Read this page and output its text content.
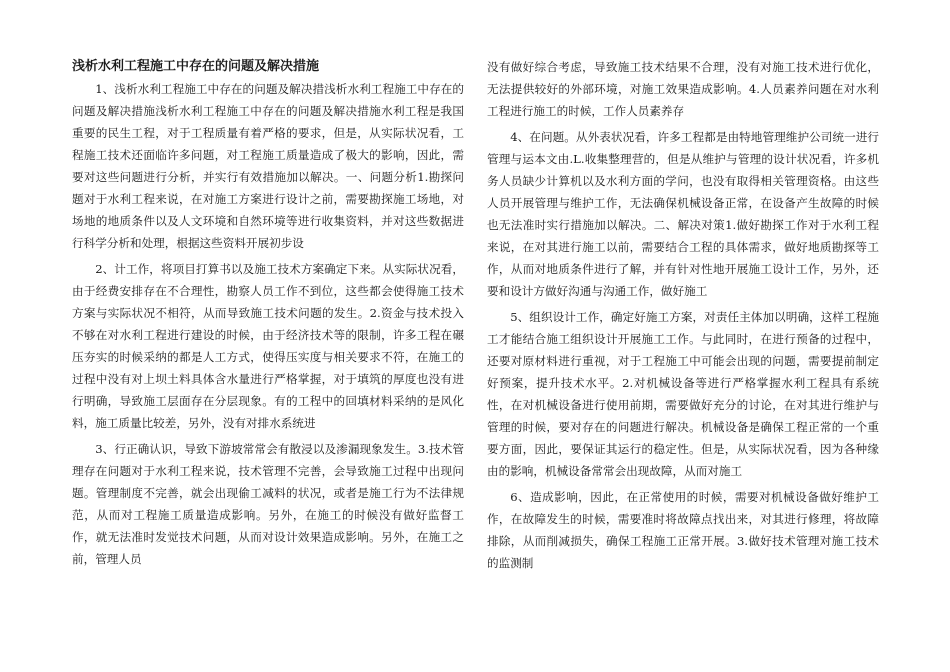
浅析水利工程施工中存在的问题及解决措施

1、浅析水利工程施工中存在的问题及解决措浅析水利工程施工中存在的问题及解决措施浅析水利工程施工中存在的问题及解决措施水利工程是我国重要的民生工程，对于工程质量有着严格的要求，但是，从实际状况看，工程施工技术还面临许多问题，对工程施工质量造成了极大的影响，因此，需要对这些问题进行分析，并实行有效措施加以解决。一、问题分析1.勘探问题对于水利工程来说，在对施工方案进行设计之前，需要勘探施工场地，对场地的地质条件以及人文环境和自然环境等进行收集资料，并对这些数据进行科学分析和处理，根据这些资料开展初步设

2、计工作，将项目打算书以及施工技术方案确定下来。从实际状况看，由于经费安排存在不合理性，勘察人员工作不到位，这些都会使得施工技术方案与实际状况不相符，从而导致施工技术问题的发生。2.资金与技术投入不够在对水利工程进行建设的时候，由于经济技术等的限制，许多工程在碾压夯实的时候采纳的都是人工方式，使得压实度与相关要求不符，在施工的过程中没有对上坝土料具体含水量进行严格掌握，对于填筑的厚度也没有进行明确，导致施工层面存在分层现象。有的工程中的回填材料采纳的是风化料，施工质量比较差，另外，没有对排水系统进

3、行正确认识，导致下游坡常常会有散浸以及渗漏现象发生。3.技术管理存在问题对于水利工程来说，技术管理不完善，会导致施工过程中出现问题。管理制度不完善，就会出现偷工减料的状况，或者是施工行为不法律规范，从而对工程施工质量造成影响。另外，在施工的时候没有做好监督工作，就无法准时发觉技术问题，从而对设计效果造成影响。另外，在施工之前，管理人员

没有做好综合考虑，导致施工技术结果不合理，没有对施工技术进行优化，无法提供较好的外部环境，对施工效果造成影响。4.人员素养问题在对水利工程进行施工的时候，工作人员素养存

4、在问题。从外表状况看，许多工程都是由特地管理维护公司统一进行管理与运本文由.L.收集整理营的，但是从维护与管理的设计状况看，许多机务人员缺少计算机以及水利方面的学问，也没有取得相关管理资格。由这些人员开展管理与维护工作，无法确保机械设备正常，在设备产生故障的时候也无法准时实行措施加以解决。二、解决对策1.做好勘探工作对于水利工程来说，在对其进行施工以前，需要结合工程的具体需求，做好地质勘探等工作，从而对地质条件进行了解，并有针对性地开展施工设计工作，另外，还要和设计方做好沟通与沟通工作，做好施工

5、组织设计工作，确定好施工方案，对责任主体加以明确，这样工程施工才能结合施工组织设计开展施工工作。与此同时，在进行预备的过程中，还要对原材料进行重视，对于工程施工中可能会出现的问题，需要提前制定好预案，提升技术水平。2.对机械设备等进行严格掌握水利工程具有系统性，在对机械设备进行使用前期，需要做好充分的讨论，在对其进行维护与管理的时候，要对存在的问题进行解决。机械设备是确保工程正常的一个重要方面，因此，要保证其运行的稳定性。但是，从实际状况看，因为各种缘由的影响，机械设备常常会出现故障，从而对施工

6、造成影响，因此，在正常使用的时候，需要对机械设备做好维护工作，在故障发生的时候，需要准时将故障点找出来，对其进行修理，将故障排除，从而削减损失，确保工程施工正常开展。3.做好技术管理对施工技术的监测制
